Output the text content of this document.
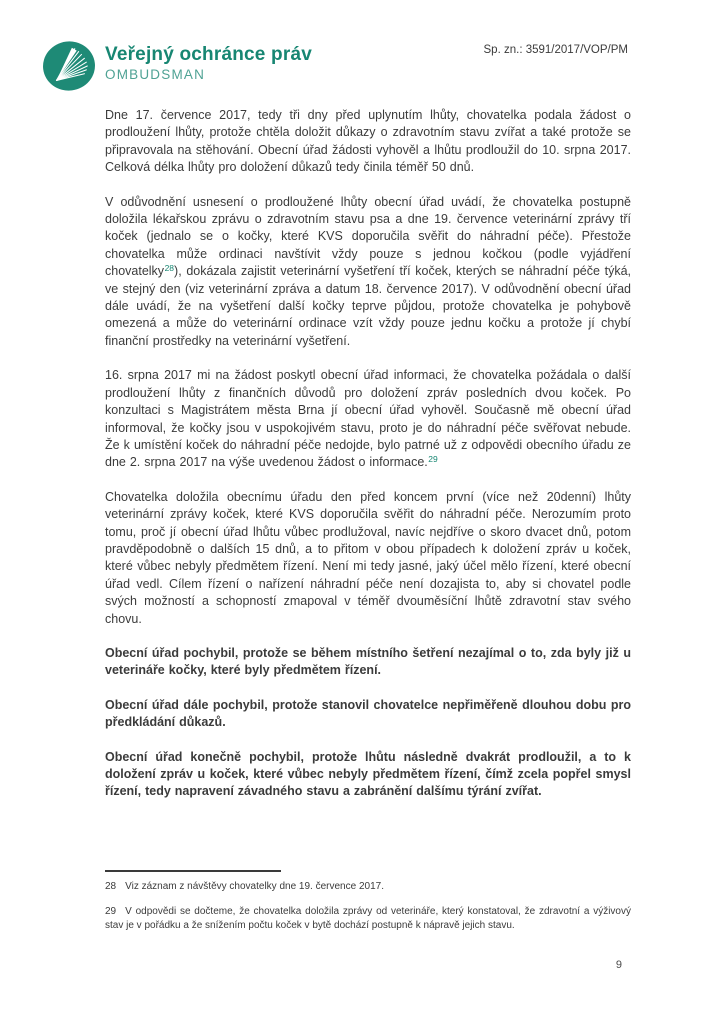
Veřejný ochránce práv
OMBUDSMAN
Sp. zn.: 3591/2017/VOP/PM

Dne 17. července 2017, tedy tři dny před uplynutím lhůty, chovatelka podala žádost o prodloužení lhůty, protože chtěla doložit důkazy o zdravotním stavu zvířat a také protože se připravovala na stěhování. Obecní úřad žádosti vyhověl a lhůtu prodloužil do 10. srpna 2017. Celková délka lhůty pro doložení důkazů tedy činila téměř 50 dnů.

V odůvodnění usnesení o prodloužené lhůty obecní úřad uvádí, že chovatelka postupně doložila lékařskou zprávu o zdravotním stavu psa a dne 19. července veterinární zprávy tří koček (jednalo se o kočky, které KVS doporučila svěřit do náhradní péče). Přestože chovatelka může ordinaci navštívit vždy pouze s jednou kočkou (podle vyjádření chovatelky$^{28}$), dokázala zajistit veterinární vyšetření tří koček, kterých se náhradní péče týká, ve stejný den (viz veterinární zpráva a datum 18. července 2017). V odůvodnění obecní úřad dále uvádí, že na vyšetření další kočky teprve půjdou, protože chovatelka je pohybově omezená a může do veterinární ordinace vzít vždy pouze jednu kočku a protože jí chybí finanční prostředky na veterinární vyšetření.

16. srpna 2017 mi na žádost poskytl obecní úřad informaci, že chovatelka požádala o další prodloužení lhůty z finančních důvodů pro doložení zpráv posledních dvou koček. Po konzultaci s Magistrátem města Brna jí obecní úřad vyhověl. Současně mě obecní úřad informoval, že kočky jsou v uspokojivém stavu, proto je do náhradní péče svěřovat nebude. Že k umístění koček do náhradní péče nedojde, bylo patrné už z odpovědi obecního úřadu ze dne 2. srpna 2017 na výše uvedenou žádost o informace.$^{29}$

Chovatelka doložila obecnímu úřadu den před koncem první (více než 20denní) lhůty veterinární zprávy koček, které KVS doporučila svěřit do náhradní péče. Nerozumím proto tomu, proč jí obecní úřad lhůtu vůbec prodlužoval, navíc nejdříve o skoro dvacet dnů, potom pravděpodobně o dalších 15 dnů, a to přitom v obou případech k doložení zpráv u koček, které vůbec nebyly předmětem řízení. Není mi tedy jasné, jaký účel mělo řízení, které obecní úřad vedl. Cílem řízení o nařízení náhradní péče není dozajista to, aby si chovatel podle svých možností a schopností zmapoval v téměř dvouměsíční lhůtě zdravotní stav svého chovu.

Obecní úřad pochybil, protože se během místního šetření nezajímal o to, zda byly již u veterináře kočky, které byly předmětem řízení.

Obecní úřad dále pochybil, protože stanovil chovatelce nepřiměřeně dlouhou dobu pro předkládání důkazů.

Obecní úřad konečně pochybil, protože lhůtu následně dvakrát prodloužil, a to k doložení zpráv u koček, které vůbec nebyly předmětem řízení, čímž zcela popřel smysl řízení, tedy napravení závadného stavu a zabránění dalšímu týrání zvířat.

28 Viz záznam z návštěvy chovatelky dne 19. července 2017.
29 V odpovědi se dočteme, že chovatelka doložila zprávy od veterináře, který konstatoval, že zdravotní a výživový stav je v pořádku a že snížením počtu koček v bytě dochází postupně k nápravě jejich stavu.
9
